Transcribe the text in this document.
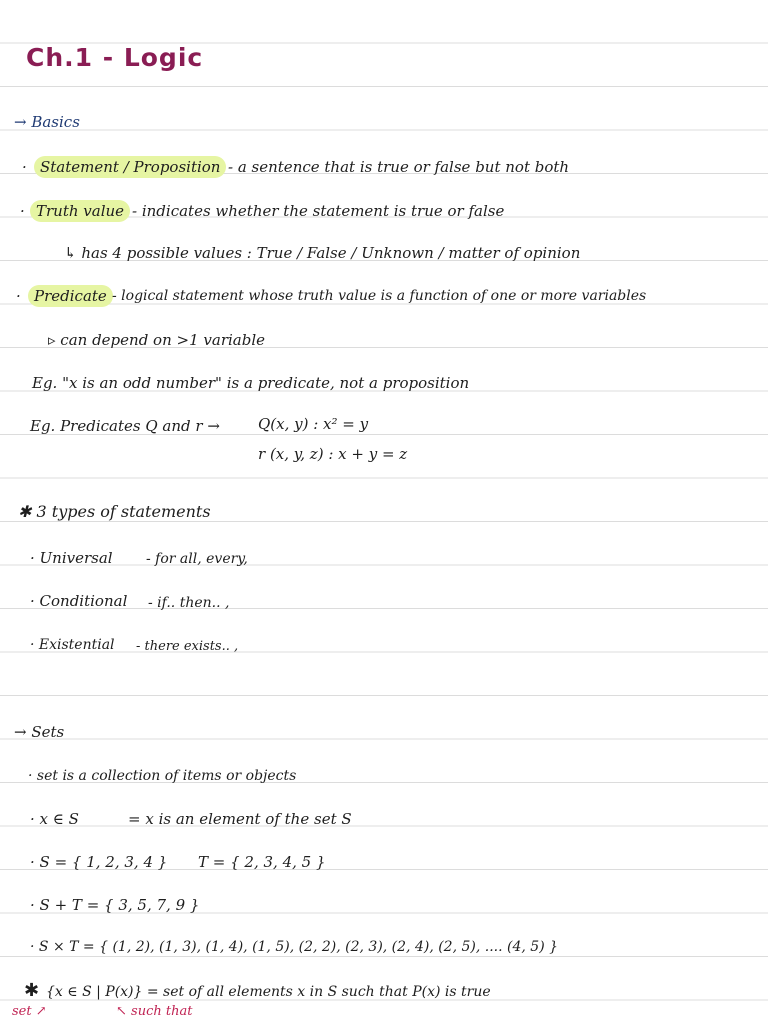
Ch.1 - Logic
→ Basics
· Statement / Proposition - a sentence that is true or false but not both
· Truth value - indicates whether the statement is true or false
↳ has 4 possible values : True / False / Unknown / matter of opinion
· Predicate - logical statement whose truth value is a function of one or more variables
▹ can depend on >1 variable
Eg. "x is an odd number" is a predicate, not a proposition
Eg. Predicates Q and r →	Q(x, y) : x² = y
r (x, y, z) : x + y = z
✱ 3 types of statements
· Universal - for all, every,
· Conditional - if.. then.. ,
· Existential - there exists.. ,
→ Sets
· set is a collection of items or objects
· x ∈ S	= x is an element of the set S
· S = { 1, 2, 3, 4 } T = { 2, 3, 4, 5 }
· S + T = { 3, 5, 7, 9 }
· S × T = { (1, 2), (1, 3), (1, 4), (1, 5), (2, 2), (2, 3), (2, 4), (2, 5), .... (4, 5) }
✱ {x ∈ S | P(x)} = set of all elements x in S such that P(x) is true
set ↗	↖ such that
